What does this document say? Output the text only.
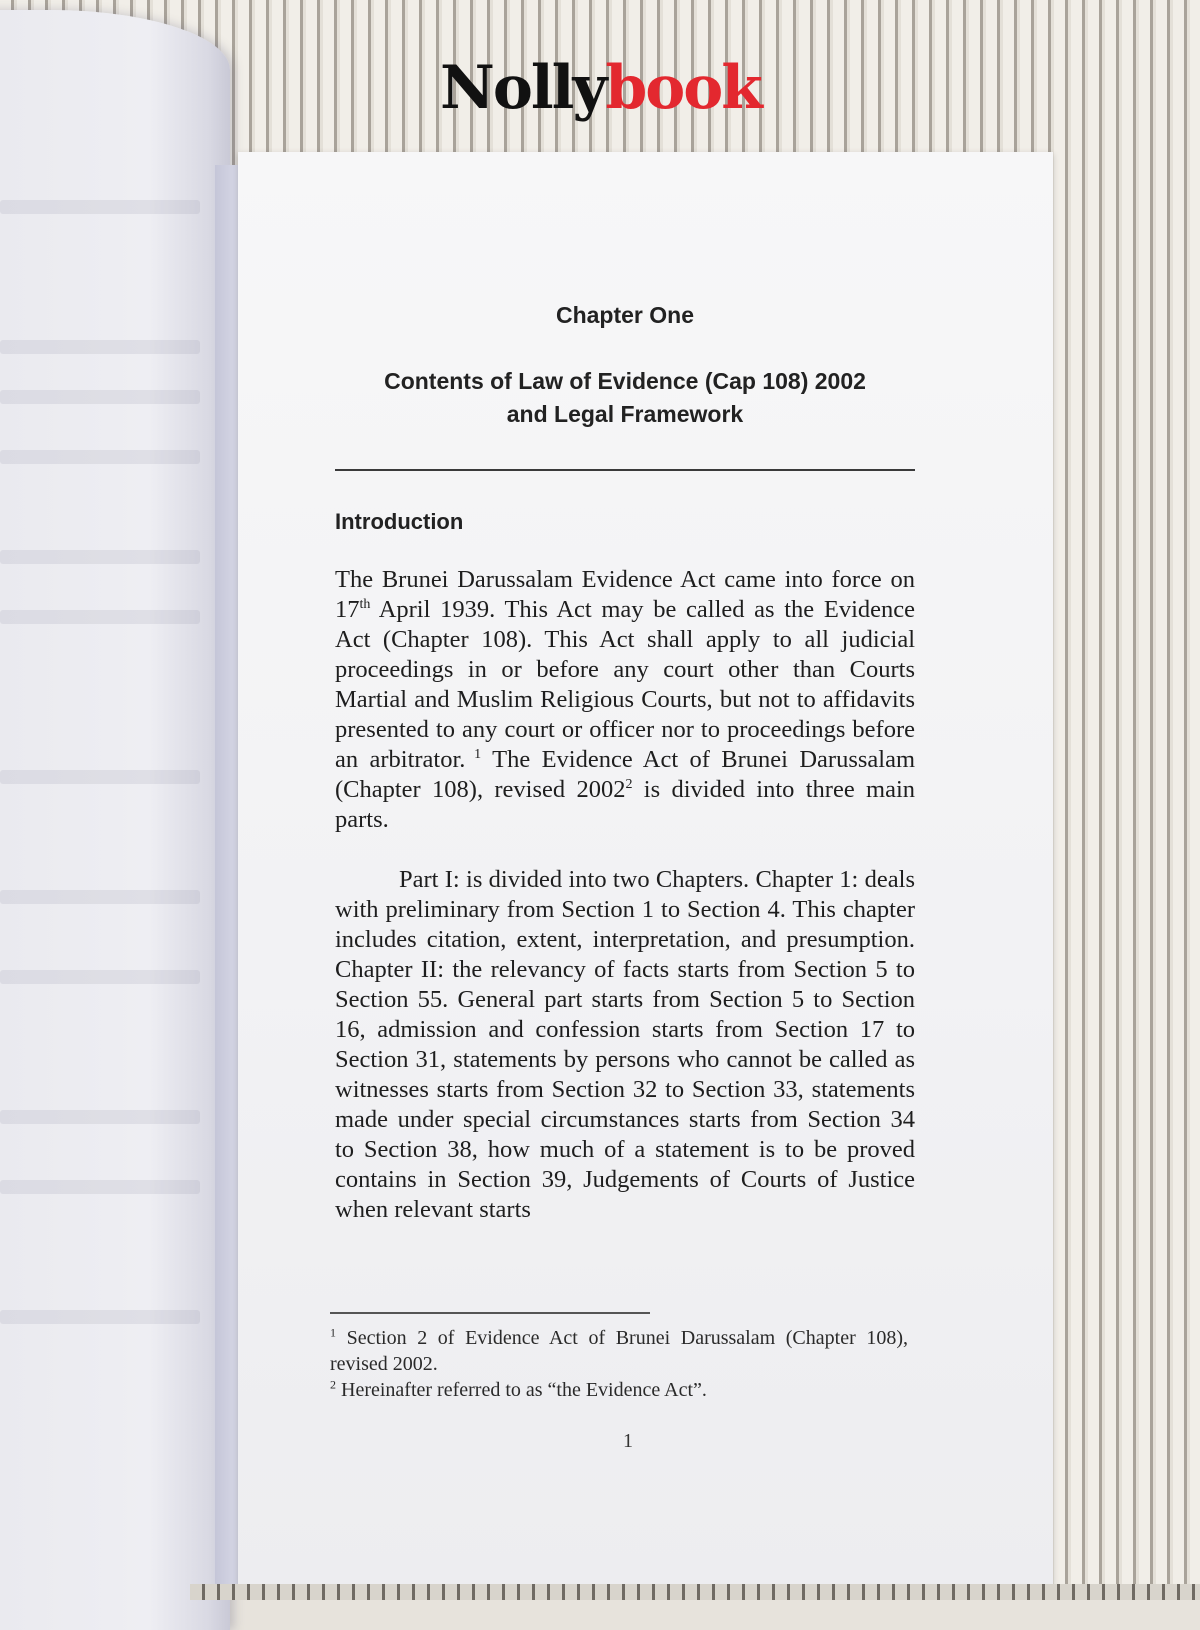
Nollybook

Chapter One

Contents of Law of Evidence (Cap 108) 2002
and Legal Framework
Introduction

The Brunei Darussalam Evidence Act came into force on 17th April 1939. This Act may be called as the Evidence Act (Chapter 108). This Act shall apply to all judicial proceedings in or before any court other than Courts Martial and Muslim Religious Courts, but not to affidavits presented to any court or officer nor to proceedings before an arbitrator. $^1$ The Evidence Act of Brunei Darussalam (Chapter 108), revised 2002$^2$ is divided into three main parts.

Part I: is divided into two Chapters. Chapter 1: deals with preliminary from Section 1 to Section 4. This chapter includes citation, extent, interpretation, and presumption. Chapter II: the relevancy of facts starts from Section 5 to Section 55. General part starts from Section 5 to Section 16, admission and confession starts from Section 17 to Section 31, statements by persons who cannot be called as witnesses starts from Section 32 to Section 33, statements made under special circumstances starts from Section 34 to Section 38, how much of a statement is to be proved contains in Section 39, Judgements of Courts of Justice when relevant starts

$^1$ Section 2 of Evidence Act of Brunei Darussalam (Chapter 108), revised 2002.

$^2$ Hereinafter referred to as “the Evidence Act”.

1
